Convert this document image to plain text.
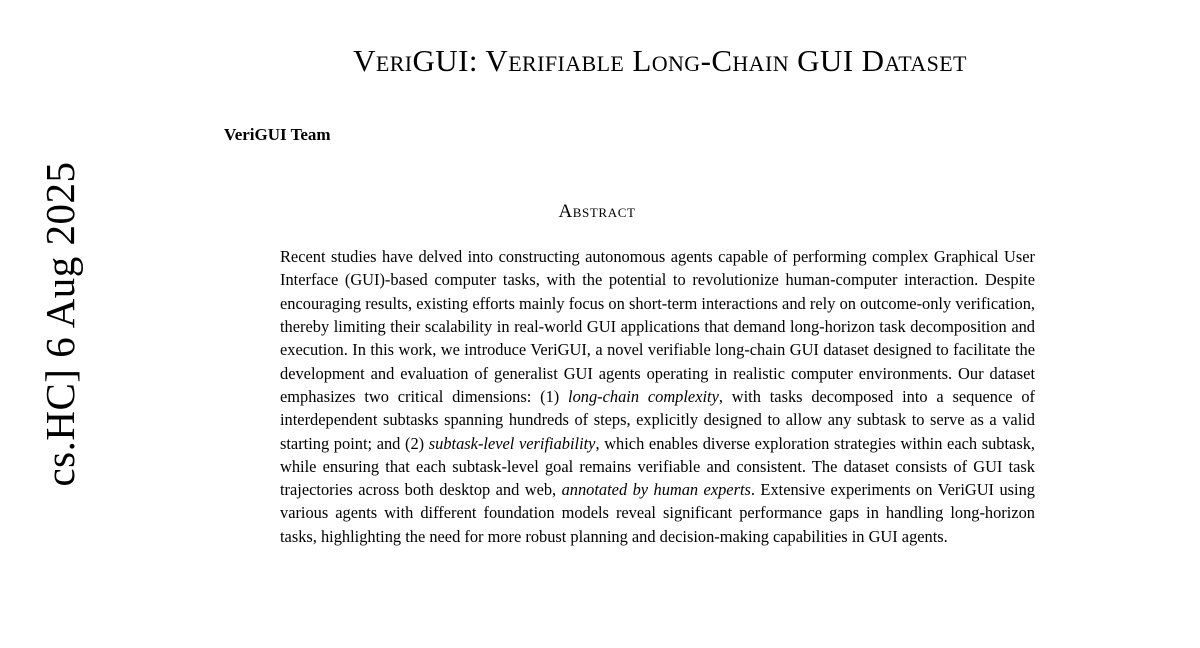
cs.HC] 6 Aug 2025
VeriGUI: Verifiable Long-Chain GUI Dataset
VeriGUI Team
Abstract
Recent studies have delved into constructing autonomous agents capable of performing complex Graphical User Interface (GUI)-based computer tasks, with the potential to revolutionize human-computer interaction. Despite encouraging results, existing efforts mainly focus on short-term interactions and rely on outcome-only verification, thereby limiting their scalability in real-world GUI applications that demand long-horizon task decomposition and execution. In this work, we introduce VeriGUI, a novel verifiable long-chain GUI dataset designed to facilitate the development and evaluation of generalist GUI agents operating in realistic computer environments. Our dataset emphasizes two critical dimensions: (1) long-chain complexity, with tasks decomposed into a sequence of interdependent subtasks spanning hundreds of steps, explicitly designed to allow any subtask to serve as a valid starting point; and (2) subtask-level verifiability, which enables diverse exploration strategies within each subtask, while ensuring that each subtask-level goal remains verifiable and consistent. The dataset consists of GUI task trajectories across both desktop and web, annotated by human experts. Extensive experiments on VeriGUI using various agents with different foundation models reveal significant performance gaps in handling long-horizon tasks, highlighting the need for more robust planning and decision-making capabilities in GUI agents.
